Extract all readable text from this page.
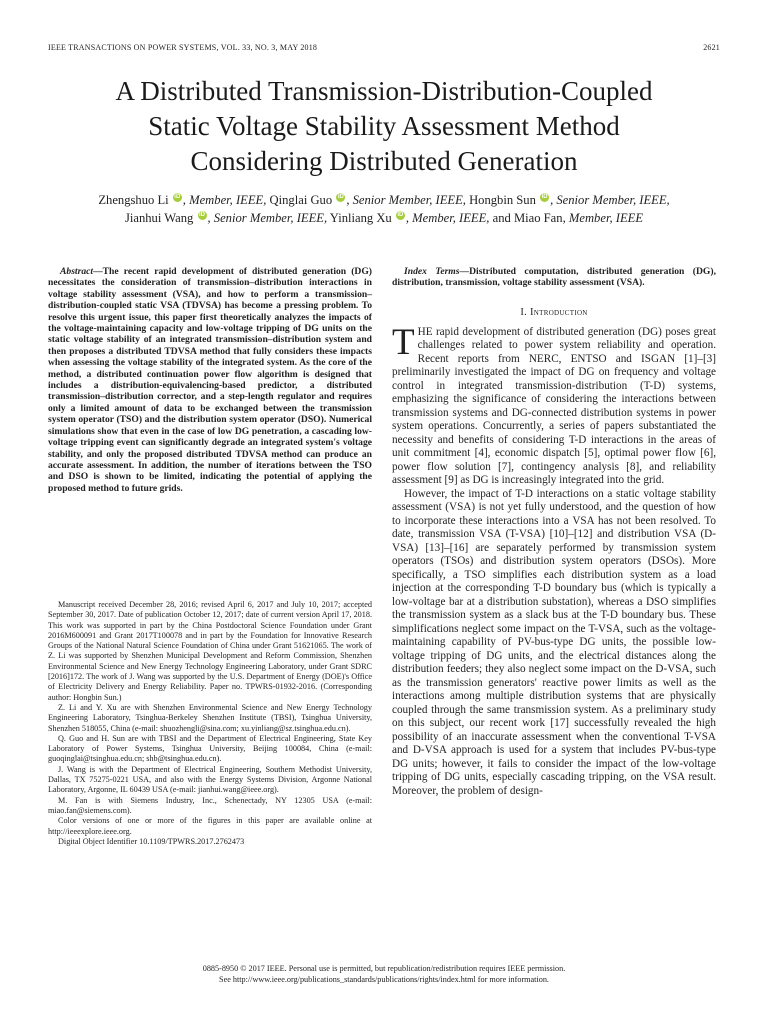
IEEE TRANSACTIONS ON POWER SYSTEMS, VOL. 33, NO. 3, MAY 2018	2621
A Distributed Transmission-Distribution-Coupled
Static Voltage Stability Assessment Method
Considering Distributed Generation
Zhengshuo Li iD , Member, IEEE, Qinglai Guo iD , Senior Member, IEEE, Hongbin Sun iD , Senior Member, IEEE,
Jianhui Wang iD , Senior Member, IEEE, Yinliang Xu iD , Member, IEEE, and Miao Fan, Member, IEEE

Abstract—The recent rapid development of distributed generation (DG) necessitates the consideration of transmission–distribution interactions in voltage stability assessment (VSA), and how to perform a transmission–distribution-coupled static VSA (TDVSA) has become a pressing problem. To resolve this urgent issue, this paper first theoretically analyzes the impacts of the voltage-maintaining capacity and low-voltage tripping of DG units on the static voltage stability of an integrated transmission–distribution system and then proposes a distributed TDVSA method that fully considers these impacts when assessing the voltage stability of the integrated system. As the core of the method, a distributed continuation power flow algorithm is designed that includes a distribution-equivalencing-based predictor, a distributed transmission–distribution corrector, and a step-length regulator and requires only a limited amount of data to be exchanged between the transmission system operator (TSO) and the distribution system operator (DSO). Numerical simulations show that even in the case of low DG penetration, a cascading low-voltage tripping event can significantly degrade an integrated system's voltage stability, and only the proposed distributed TDVSA method can produce an accurate assessment. In addition, the number of iterations between the TSO and DSO is shown to be limited, indicating the potential of applying the proposed method to future grids.

Manuscript received December 28, 2016; revised April 6, 2017 and July 10, 2017; accepted September 30, 2017. Date of publication October 12, 2017; date of current version April 17, 2018. This work was supported in part by the China Postdoctoral Science Foundation under Grant 2016M600091 and Grant 2017T100078 and in part by the Foundation for Innovative Research Groups of the National Natural Science Foundation of China under Grant 51621065. The work of Z. Li was supported by Shenzhen Municipal Development and Reform Commission, Shenzhen Environmental Science and New Energy Technology Engineering Laboratory, under Grant SDRC [2016]172. The work of J. Wang was supported by the U.S. Department of Energy (DOE)'s Office of Electricity Delivery and Energy Reliability. Paper no. TPWRS-01932-2016. (Corresponding author: Hongbin Sun.)

Z. Li and Y. Xu are with Shenzhen Environmental Science and New Energy Technology Engineering Laboratory, Tsinghua-Berkeley Shenzhen Institute (TBSI), Tsinghua University, Shenzhen 518055, China (e-mail: shuozhengli@sina.com; xu.yinliang@sz.tsinghua.edu.cn).

Q. Guo and H. Sun are with TBSI and the Department of Electrical Engineering, State Key Laboratory of Power Systems, Tsinghua University, Beijing 100084, China (e-mail: guoqinglai@tsinghua.edu.cn; shb@tsinghua.edu.cn).

J. Wang is with the Department of Electrical Engineering, Southern Methodist University, Dallas, TX 75275-0221 USA, and also with the Energy Systems Division, Argonne National Laboratory, Argonne, IL 60439 USA (e-mail: jianhui.wang@ieee.org).

M. Fan is with Siemens Industry, Inc., Schenectady, NY 12305 USA (e-mail: miao.fan@siemens.com).

Color versions of one or more of the figures in this paper are available online at http://ieeexplore.ieee.org.

Digital Object Identifier 10.1109/TPWRS.2017.2762473

Index Terms—Distributed computation, distributed generation (DG), distribution, transmission, voltage stability assessment (VSA).

I. Introduction

THE rapid development of distributed generation (DG) poses great challenges related to power system reliability and operation. Recent reports from NERC, ENTSO and ISGAN [1]–[3] preliminarily investigated the impact of DG on frequency and voltage control in integrated transmission-distribution (T-D) systems, emphasizing the significance of considering the interactions between transmission systems and DG-connected distribution systems in power system operations. Concurrently, a series of papers substantiated the necessity and benefits of considering T-D interactions in the areas of unit commitment [4], economic dispatch [5], optimal power flow [6], power flow solution [7], contingency analysis [8], and reliability assessment [9] as DG is increasingly integrated into the grid.

However, the impact of T-D interactions on a static voltage stability assessment (VSA) is not yet fully understood, and the question of how to incorporate these interactions into a VSA has not been resolved. To date, transmission VSA (T-VSA) [10]–[12] and distribution VSA (D-VSA) [13]–[16] are separately performed by transmission system operators (TSOs) and distribution system operators (DSOs). More specifically, a TSO simplifies each distribution system as a load injection at the corresponding T-D boundary bus (which is typically a low-voltage bar at a distribution substation), whereas a DSO simplifies the transmission system as a slack bus at the T-D boundary bus. These simplifications neglect some impact on the T-VSA, such as the voltage-maintaining capability of PV-bus-type DG units, the possible low-voltage tripping of DG units, and the electrical distances along the distribution feeders; they also neglect some impact on the D-VSA, such as the transmission generators' reactive power limits as well as the interactions among multiple distribution systems that are physically coupled through the same transmission system. As a preliminary study on this subject, our recent work [17] successfully revealed the high possibility of an inaccurate assessment when the conventional T-VSA and D-VSA approach is used for a system that includes PV-bus-type DG units; however, it fails to consider the impact of the low-voltage tripping of DG units, especially cascading tripping, on the VSA result. Moreover, the problem of design-

0885-8950 © 2017 IEEE. Personal use is permitted, but republication/redistribution requires IEEE permission.
See http://www.ieee.org/publications_standards/publications/rights/index.html for more information.
